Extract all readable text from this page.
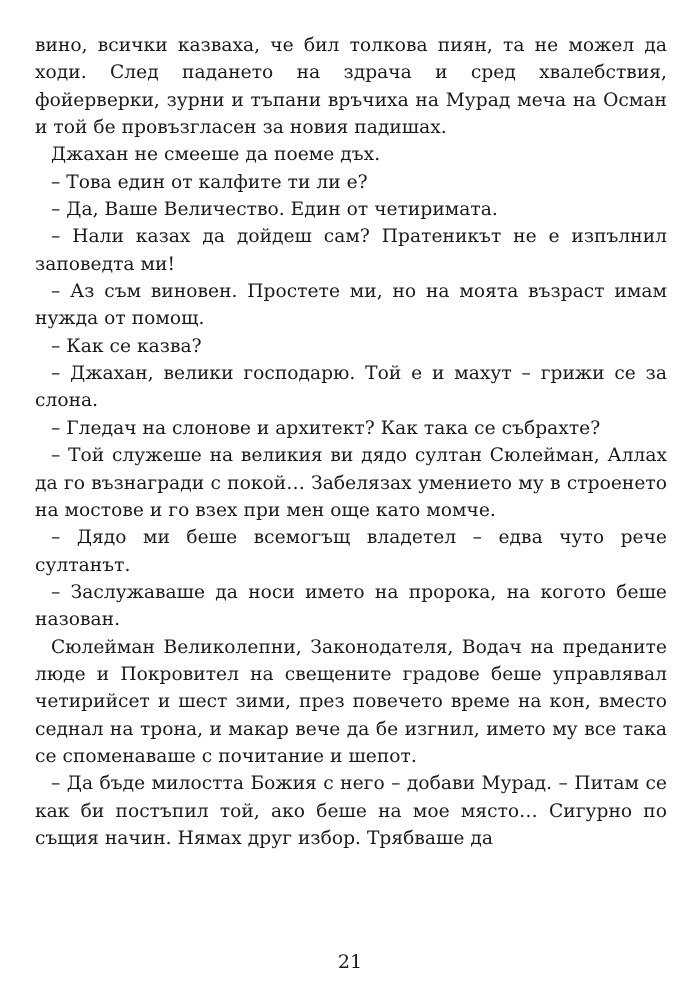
вино, всички казваха, че бил толкова пиян, та не можел да ходи. След падането на здрача и сред хвалебствия, фойерверки, зурни и тъпани връчиха на Мурад меча на Осман и той бе провъзгласен за новия падишах.

Джахан не смееше да поеме дъх.

– Това един от калфите ти ли е?

– Да, Ваше Величество. Един от четиримата.

– Нали казах да дойдеш сам? Пратеникът не е изпълнил заповедта ми!

– Аз съм виновен. Простете ми, но на моята възраст имам нужда от помощ.

– Как се казва?

– Джахан, велики господарю. Той е и махут – грижи се за слона.

– Гледач на слонове и архитект? Как така се събрахте?

– Той служеше на великия ви дядо султан Сюлейман, Аллах да го възнагради с покой… Забелязах умението му в строенето на мостове и го взех при мен още като момче.

– Дядо ми беше всемогъщ владетел – едва чуто рече султанът.

– Заслужаваше да носи името на пророка, на когото беше назован.

Сюлейман Великолепни, Законодателя, Водач на преданите люде и Покровител на свещените градове беше управлявал четирийсет и шест зими, през повечето време на кон, вместо седнал на трона, и макар вече да бе изгнил, името му все така се споменаваше с почитание и шепот.

– Да бъде милостта Божия с него – добави Мурад. – Питам се как би постъпил той, ако беше на мое място… Сигурно по същия начин. Нямах друг избор. Трябваше да

21
